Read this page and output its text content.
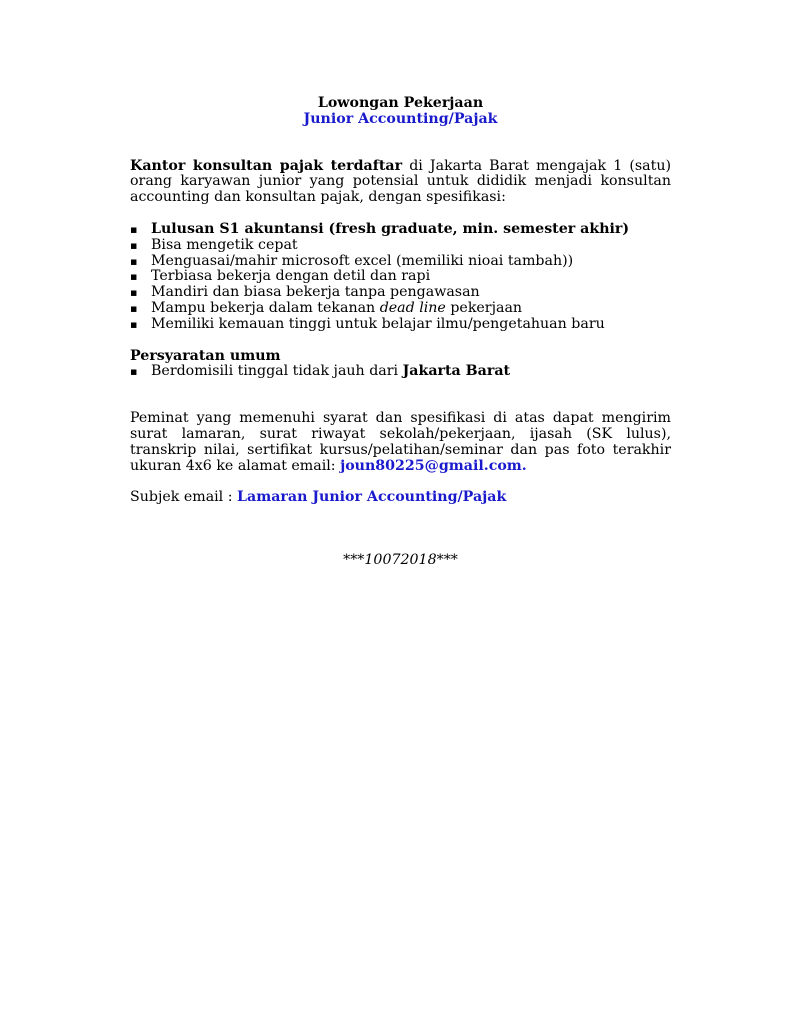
Lowongan Pekerjaan
Junior Accounting/Pajak

Kantor konsultan pajak terdaftar di Jakarta Barat mengajak 1 (satu) orang karyawan junior yang potensial untuk dididik menjadi konsultan accounting dan konsultan pajak, dengan spesifikasi:

▪ Lulusan S1 akuntansi (fresh graduate, min. semester akhir)
▪ Bisa mengetik cepat
▪ Menguasai/mahir microsoft excel (memiliki nioai tambah))
▪ Terbiasa bekerja dengan detil dan rapi
▪ Mandiri dan biasa bekerja tanpa pengawasan
▪ Mampu bekerja dalam tekanan dead line pekerjaan
▪ Memiliki kemauan tinggi untuk belajar ilmu/pengetahuan baru
Persyaratan umum
▪ Berdomisili tinggal tidak jauh dari Jakarta Barat

Peminat yang memenuhi syarat dan spesifikasi di atas dapat mengirim surat lamaran, surat riwayat sekolah/pekerjaan, ijasah (SK lulus), transkrip nilai, sertifikat kursus/pelatihan/seminar dan pas foto terakhir ukuran 4x6 ke alamat email: joun80225@gmail.com.

Subjek email : Lamaran Junior Accounting/Pajak
***10072018***
